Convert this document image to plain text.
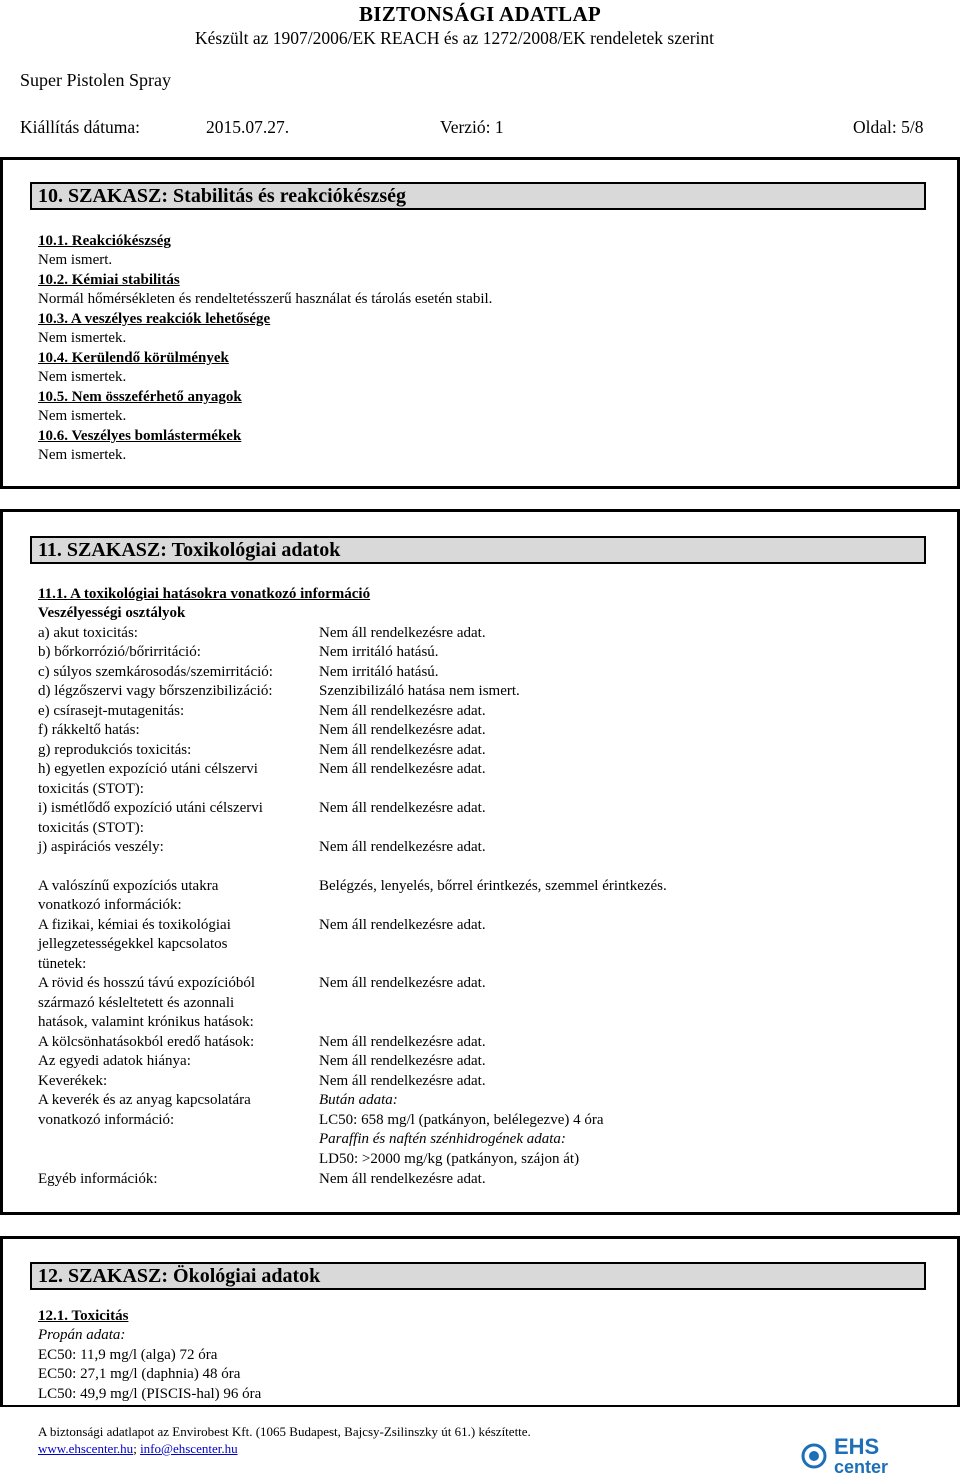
BIZTONSÁGI ADATLAP
Készült az 1907/2006/EK REACH és az 1272/2008/EK rendeletek szerint
Super Pistolen Spray
Kiállítás dátuma:	2015.07.27.	Verzió: 1	Oldal: 5/8
10. SZAKASZ: Stabilitás és reakciókészség
10.1. Reakciókészség
Nem ismert.
10.2. Kémiai stabilitás
Normál hőmérsékleten és rendeltetésszerű használat és tárolás esetén stabil.
10.3. A veszélyes reakciók lehetősége
Nem ismertek.
10.4. Kerülendő körülmények
Nem ismertek.
10.5. Nem összeférhető anyagok
Nem ismertek.
10.6. Veszélyes bomlástermékek
Nem ismertek.
11. SZAKASZ: Toxikológiai adatok
11.1. A toxikológiai hatásokra vonatkozó információ
Veszélyességi osztályok
a) akut toxicitás:	Nem áll rendelkezésre adat.
b) bőrkorrózió/bőrirritáció:	Nem irritáló hatású.
c) súlyos szemkárosodás/szemirritáció:	Nem irritáló hatású.
d) légzőszervi vagy bőrszenzibilizáció:	Szenzibilizáló hatása nem ismert.
e) csírasejt-mutagenitás:	Nem áll rendelkezésre adat.
f) rákkeltő hatás:	Nem áll rendelkezésre adat.
g) reprodukciós toxicitás:	Nem áll rendelkezésre adat.
h) egyetlen expozíció utáni célszervi
toxicitás (STOT):
Nem áll rendelkezésre adat.
i) ismétlődő expozíció utáni célszervi
toxicitás (STOT):
Nem áll rendelkezésre adat.
j) aspirációs veszély:	Nem áll rendelkezésre adat.
A valószínű expozíciós utakra
vonatkozó információk:
Belégzés, lenyelés, bőrrel érintkezés, szemmel érintkezés.
A fizikai, kémiai és toxikológiai
jellegzetességekkel kapcsolatos
tünetek:
Nem áll rendelkezésre adat.
A rövid és hosszú távú expozícióból
származó késleltetett és azonnali
hatások, valamint krónikus hatások:
Nem áll rendelkezésre adat.
A kölcsönhatásokból eredő hatások:	Nem áll rendelkezésre adat.
Az egyedi adatok hiánya:	Nem áll rendelkezésre adat.
Keverékek:	Nem áll rendelkezésre adat.
A keverék és az anyag kapcsolatára
vonatkozó információ:
Bután adata:
LC50: 658 mg/l (patkányon, belélegezve) 4 óra
Paraffin és naftén szénhidrogének adata:
LD50: >2000 mg/kg (patkányon, szájon át)
Egyéb információk:	Nem áll rendelkezésre adat.
12. SZAKASZ: Ökológiai adatok
12.1. Toxicitás
Propán adata:
EC50: 11,9 mg/l (alga) 72 óra
EC50: 27,1 mg/l (daphnia) 48 óra
LC50: 49,9 mg/l (PISCIS-hal) 96 óra
A biztonsági adatlapot az Envirobest Kft. (1065 Budapest, Bajcsy-Zsilinszky út 61.) készítette.
www.ehscenter.hu; info@ehscenter.hu	EHS
center
